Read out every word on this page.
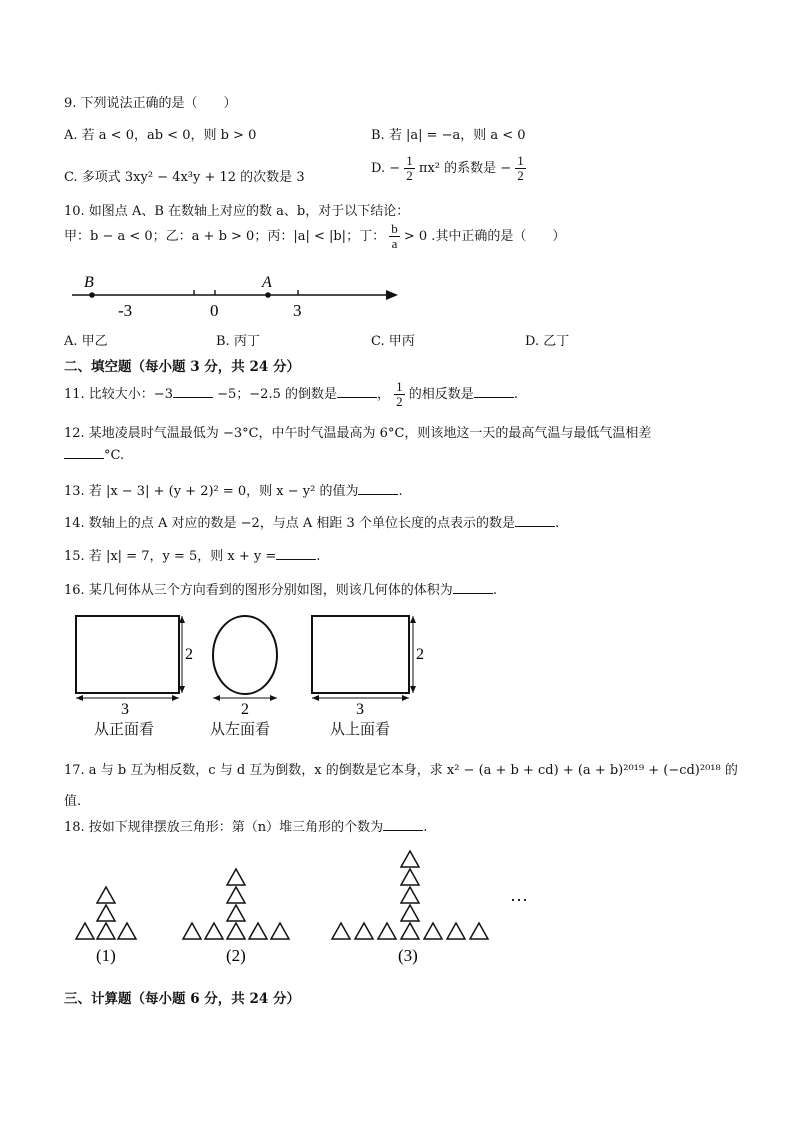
9. 下列说法正确的是（　　）
A. 若 a < 0，ab < 0，则 b > 0	B. 若 |a| = −a，则 a < 0
C. 多项式 3xy² − 4x³y + 12 的次数是 3
D. − $\frac{1}{2} \pi x^2$ 的系数是 − $\frac{1}{2}$
10. 如图点 A、B 在数轴上对应的数 a、b，对于以下结论：
甲：b − a < 0；乙：a + b > 0；丙：|a| < |b|；丁： $\frac{b}{a} > 0$ .其中正确的是（　　）
B	A
-3	0	3
A. 甲乙	B. 丙丁	C. 甲丙	D. 乙丁
二、填空题（每小题 3 分，共 24 分）
11. 比较大小：−3	−5；−2.5 的倒数是	， $\frac{1}{2}$ 的相反数是	.
12. 某地凌晨时气温最低为 −3°C，中午时气温最高为 6°C，则该地这一天的最高气温与最低气温相差
°C.
13. 若 |x − 3| + (y + 2)² = 0，则 x − y² 的值为	.
14. 数轴上的点 A 对应的数是 −2，与点 A 相距 3 个单位长度的点表示的数是	.
15. 若 |x| = 7，y = 5，则 x + y =	.
16. 某几何体从三个方向看到的图形分别如图，则该几何体的体积为	.
2
3
从正面看
2
从左面看
2
3
从上面看
17. a 与 b 互为相反数，c 与 d 互为倒数，x 的倒数是它本身，求 x² − (a + b + cd) + (a + b)²⁰¹⁹ + (−cd)²⁰¹⁸ 的
值.
18. 按如下规律摆放三角形：第（n）堆三角形的个数为	.
(1)	(2)	(3)
…
三、计算题（每小题 6 分，共 24 分）
